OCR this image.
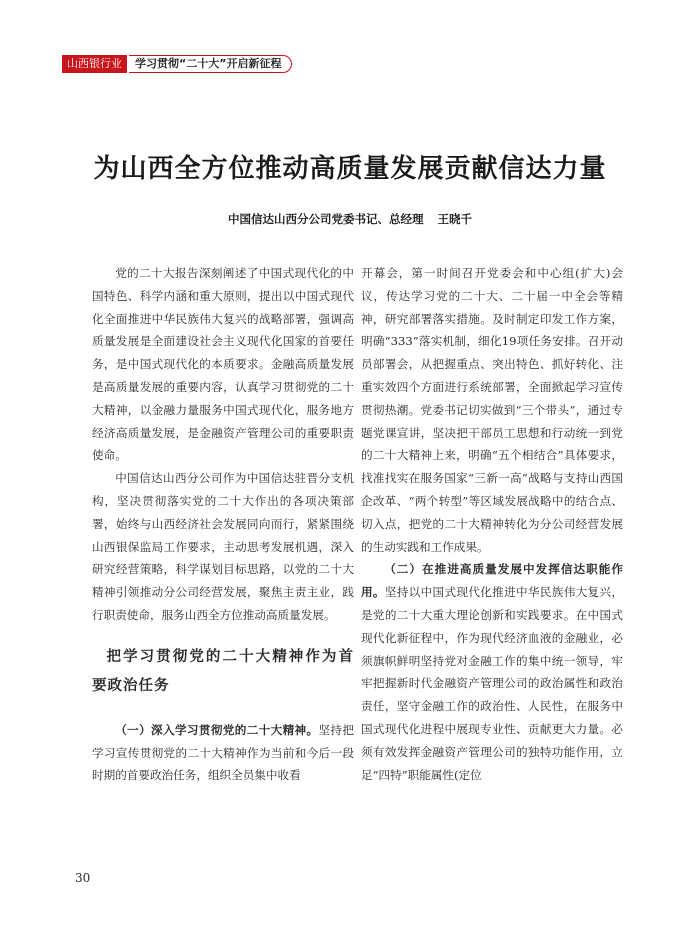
山西银行业	学习贯彻“二十大”开启新征程
为山西全方位推动高质量发展贡献信达力量
中国信达山西分公司党委书记、总经理 王晓千

党的二十大报告深刻阐述了中国式现代化的中国特色、科学内涵和重大原则，提出以中国式现代化全面推进中华民族伟大复兴的战略部署，强调高质量发展是全面建设社会主义现代化国家的首要任务，是中国式现代化的本质要求。金融高质量发展是高质量发展的重要内容，认真学习贯彻党的二十大精神，以金融力量服务中国式现代化，服务地方经济高质量发展，是金融资产管理公司的重要职责使命。

中国信达山西分公司作为中国信达驻晋分支机构，坚决贯彻落实党的二十大作出的各项决策部署，始终与山西经济社会发展同向而行，紧紧围绕山西银保监局工作要求，主动思考发展机遇，深入研究经营策略，科学谋划目标思路，以党的二十大精神引领推动分公司经营发展，聚焦主责主业，践行职责使命，服务山西全方位推动高质量发展。

把学习贯彻党的二十大精神作为首要政治任务

（一）深入学习贯彻党的二十大精神。坚持把学习宣传贯彻党的二十大精神作为当前和今后一段时期的首要政治任务，组织全员集中收看

开幕会，第一时间召开党委会和中心组(扩大)会议，传达学习党的二十大、二十届一中全会等精神，研究部署落实措施。及时制定印发工作方案，明确“333”落实机制，细化19项任务安排。召开动员部署会，从把握重点、突出特色、抓好转化、注重实效四个方面进行系统部署，全面掀起学习宣传贯彻热潮。党委书记切实做到“三个带头”，通过专题党课宣讲，坚决把干部员工思想和行动统一到党的二十大精神上来，明确“五个相结合”具体要求，找准找实在服务国家“三新一高”战略与支持山西国企改革、“两个转型”等区域发展战略中的结合点、切入点，把党的二十大精神转化为分公司经营发展的生动实践和工作成果。

（二）在推进高质量发展中发挥信达职能作用。坚持以中国式现代化推进中华民族伟大复兴，是党的二十大重大理论创新和实践要求。在中国式现代化新征程中，作为现代经济血液的金融业，必须旗帜鲜明坚持党对金融工作的集中统一领导，牢牢把握新时代金融资产管理公司的政治属性和政治责任，坚守金融工作的政治性、人民性，在服务中国式现代化进程中展现专业性、贡献更大力量。必须有效发挥金融资产管理公司的独特功能作用，立足“四特”职能属性(定位

30
